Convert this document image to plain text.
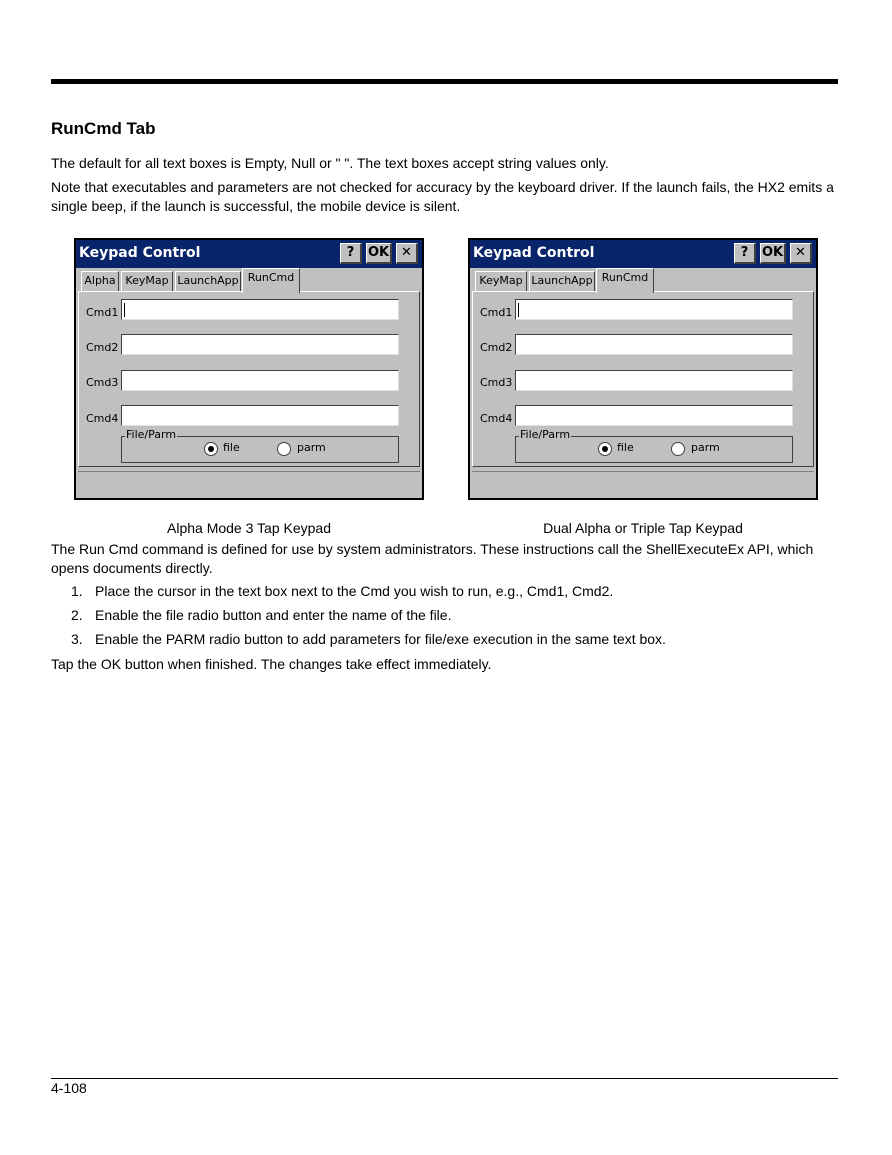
RunCmd Tab

The default for all text boxes is Empty, Null or " ". The text boxes accept string values only.

Note that executables and parameters are not checked for accuracy by the keyboard driver. If the launch fails, the HX2 emits a single beep, if the launch is successful, the mobile device is silent.

Keypad Control	?	OK ✕
Alpha KeyMap LaunchApp RunCmd
Cmd1
Cmd2
Cmd3
Cmd4
File/Parm
file	parm
Keypad Control	?	OK ✕
KeyMap LaunchApp RunCmd
Cmd1
Cmd2
Cmd3
Cmd4
File/Parm
file	parm
Alpha Mode 3 Tap Keypad	Dual Alpha or Triple Tap Keypad

The Run Cmd command is defined for use by system administrators. These instructions call the ShellExecuteEx API, which opens documents directly.

1. Place the cursor in the text box next to the Cmd you wish to run, e.g., Cmd1, Cmd2.
2. Enable the file radio button and enter the name of the file.
3. Enable the PARM radio button to add parameters for file/exe execution in the same text box.

Tap the OK button when finished. The changes take effect immediately.

4-108
